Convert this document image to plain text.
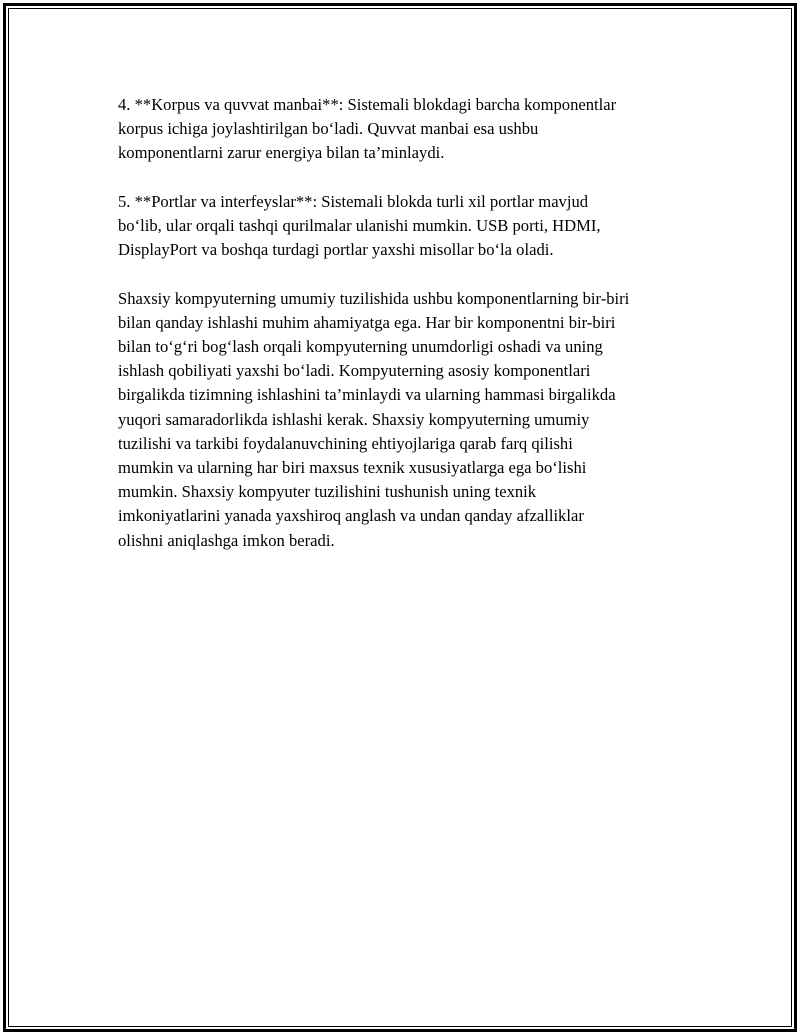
4. **Korpus va quvvat manbai**: Sistemali blokdagi barcha komponentlar
korpus ichiga joylashtirilgan bo‘ladi. Quvvat manbai esa ushbu
komponentlarni zarur energiya bilan ta’minlaydi.

5. **Portlar va interfeyslar**: Sistemali blokda turli xil portlar mavjud
bo‘lib, ular orqali tashqi qurilmalar ulanishi mumkin. USB porti, HDMI,
DisplayPort va boshqa turdagi portlar yaxshi misollar bo‘la oladi.

Shaxsiy kompyuterning umumiy tuzilishida ushbu komponentlarning bir-biri
bilan qanday ishlashi muhim ahamiyatga ega. Har bir komponentni bir-biri
bilan to‘g‘ri bog‘lash orqali kompyuterning unumdorligi oshadi va uning
ishlash qobiliyati yaxshi bo‘ladi. Kompyuterning asosiy komponentlari
birgalikda tizimning ishlashini ta’minlaydi va ularning hammasi birgalikda
yuqori samaradorlikda ishlashi kerak. Shaxsiy kompyuterning umumiy
tuzilishi va tarkibi foydalanuvchining ehtiyojlariga qarab farq qilishi
mumkin va ularning har biri maxsus texnik xususiyatlarga ega bo‘lishi
mumkin. Shaxsiy kompyuter tuzilishini tushunish uning texnik
imkoniyatlarini yanada yaxshiroq anglash va undan qanday afzalliklar
olishni aniqlashga imkon beradi.
